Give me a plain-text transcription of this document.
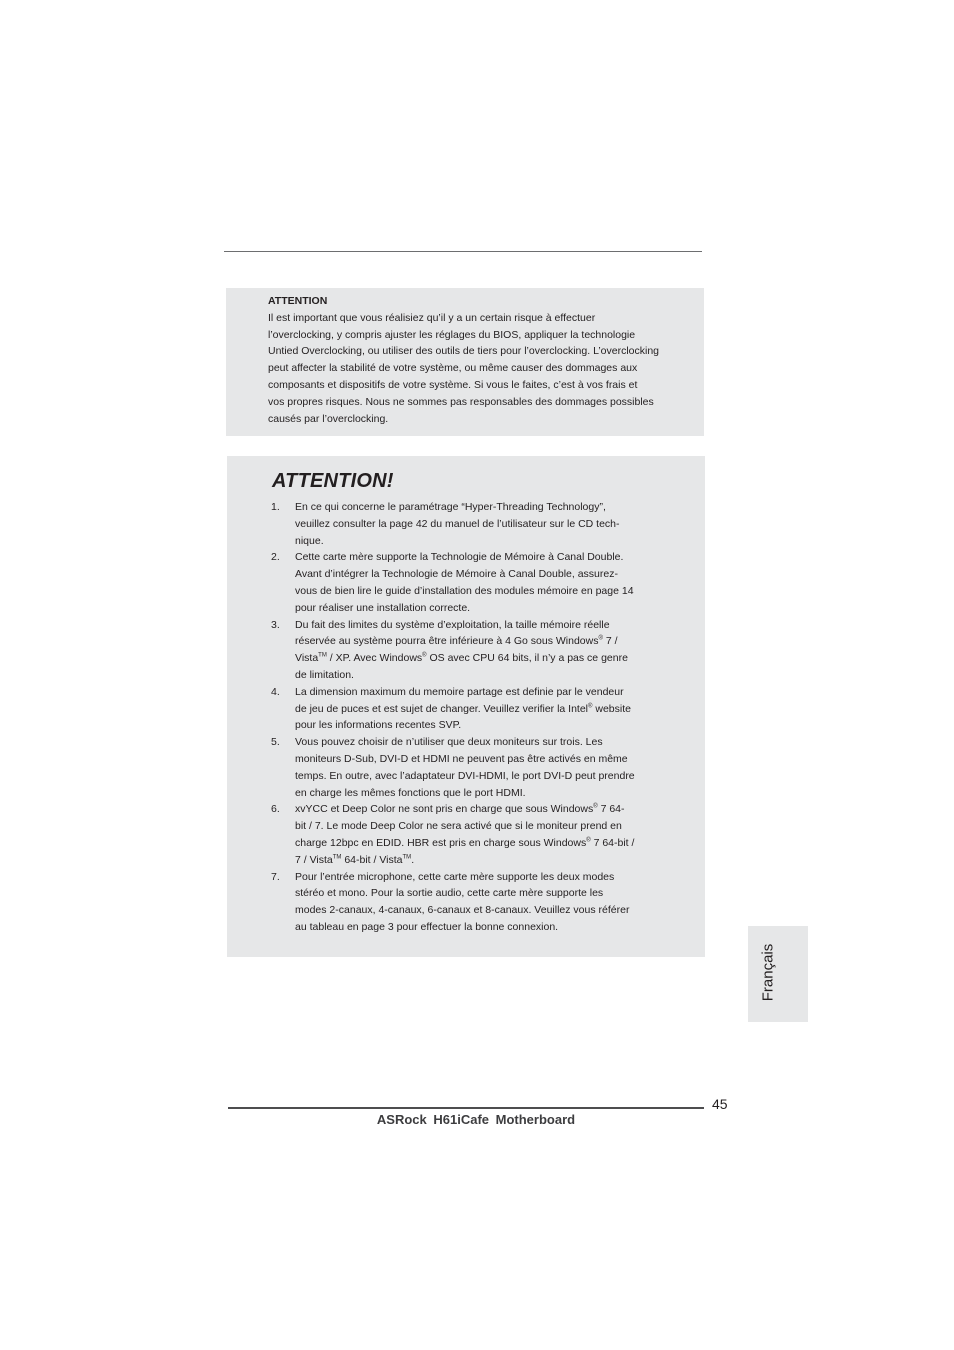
ATTENTION
Il est important que vous réalisiez qu’il y a un certain risque à effectuer
l’overclocking, y compris ajuster les réglages du BIOS, appliquer la technologie
Untied Overclocking, ou utiliser des outils de tiers pour l’overclocking. L’overclocking
peut affecter la stabilité de votre système, ou même causer des dommages aux
composants et dispositifs de votre système. Si vous le faites, c’est à vos frais et
vos propres risques. Nous ne sommes pas responsables des dommages possibles
causés par l’overclocking.
ATTENTION!
1. En ce qui concerne le paramétrage “Hyper-Threading Technology”,
veuillez consulter la page 42 du manuel de l’utilisateur sur le CD tech-
nique.
2. Cette carte mère supporte la Technologie de Mémoire à Canal Double.
Avant d’intégrer la Technologie de Mémoire à Canal Double, assurez-
vous de bien lire le guide d’installation des modules mémoire en page 14
pour réaliser une installation correcte.
3. Du fait des limites du système d’exploitation, la taille mémoire réelle
réservée au système pourra être inférieure à 4 Go sous Windows® 7 /
Vista™ / XP. Avec Windows® OS avec CPU 64 bits, il n’y a pas ce genre
de limitation.
4. La dimension maximum du memoire partage est definie par le vendeur
de jeu de puces et est sujet de changer. Veuillez verifier la Intel® website
pour les informations recentes SVP.
5. Vous pouvez choisir de n’utiliser que deux moniteurs sur trois. Les
moniteurs D-Sub, DVI-D et HDMI ne peuvent pas être activés en même
temps. En outre, avec l’adaptateur DVI-HDMI, le port DVI-D peut prendre
en charge les mêmes fonctions que le port HDMI.
6. xvYCC et Deep Color ne sont pris en charge que sous Windows® 7 64-
bit / 7. Le mode Deep Color ne sera activé que si le moniteur prend en
charge 12bpc en EDID. HBR est pris en charge sous Windows® 7 64-bit /
7 / Vista™ 64-bit / Vista™.
7. Pour l’entrée microphone, cette carte mère supporte les deux modes
stéréo et mono. Pour la sortie audio, cette carte mère supporte les
modes 2-canaux, 4-canaux, 6-canaux et 8-canaux. Veuillez vous référer
au tableau en page 3 pour effectuer la bonne connexion.
Français
45
ASRock H61iCafe Motherboard
